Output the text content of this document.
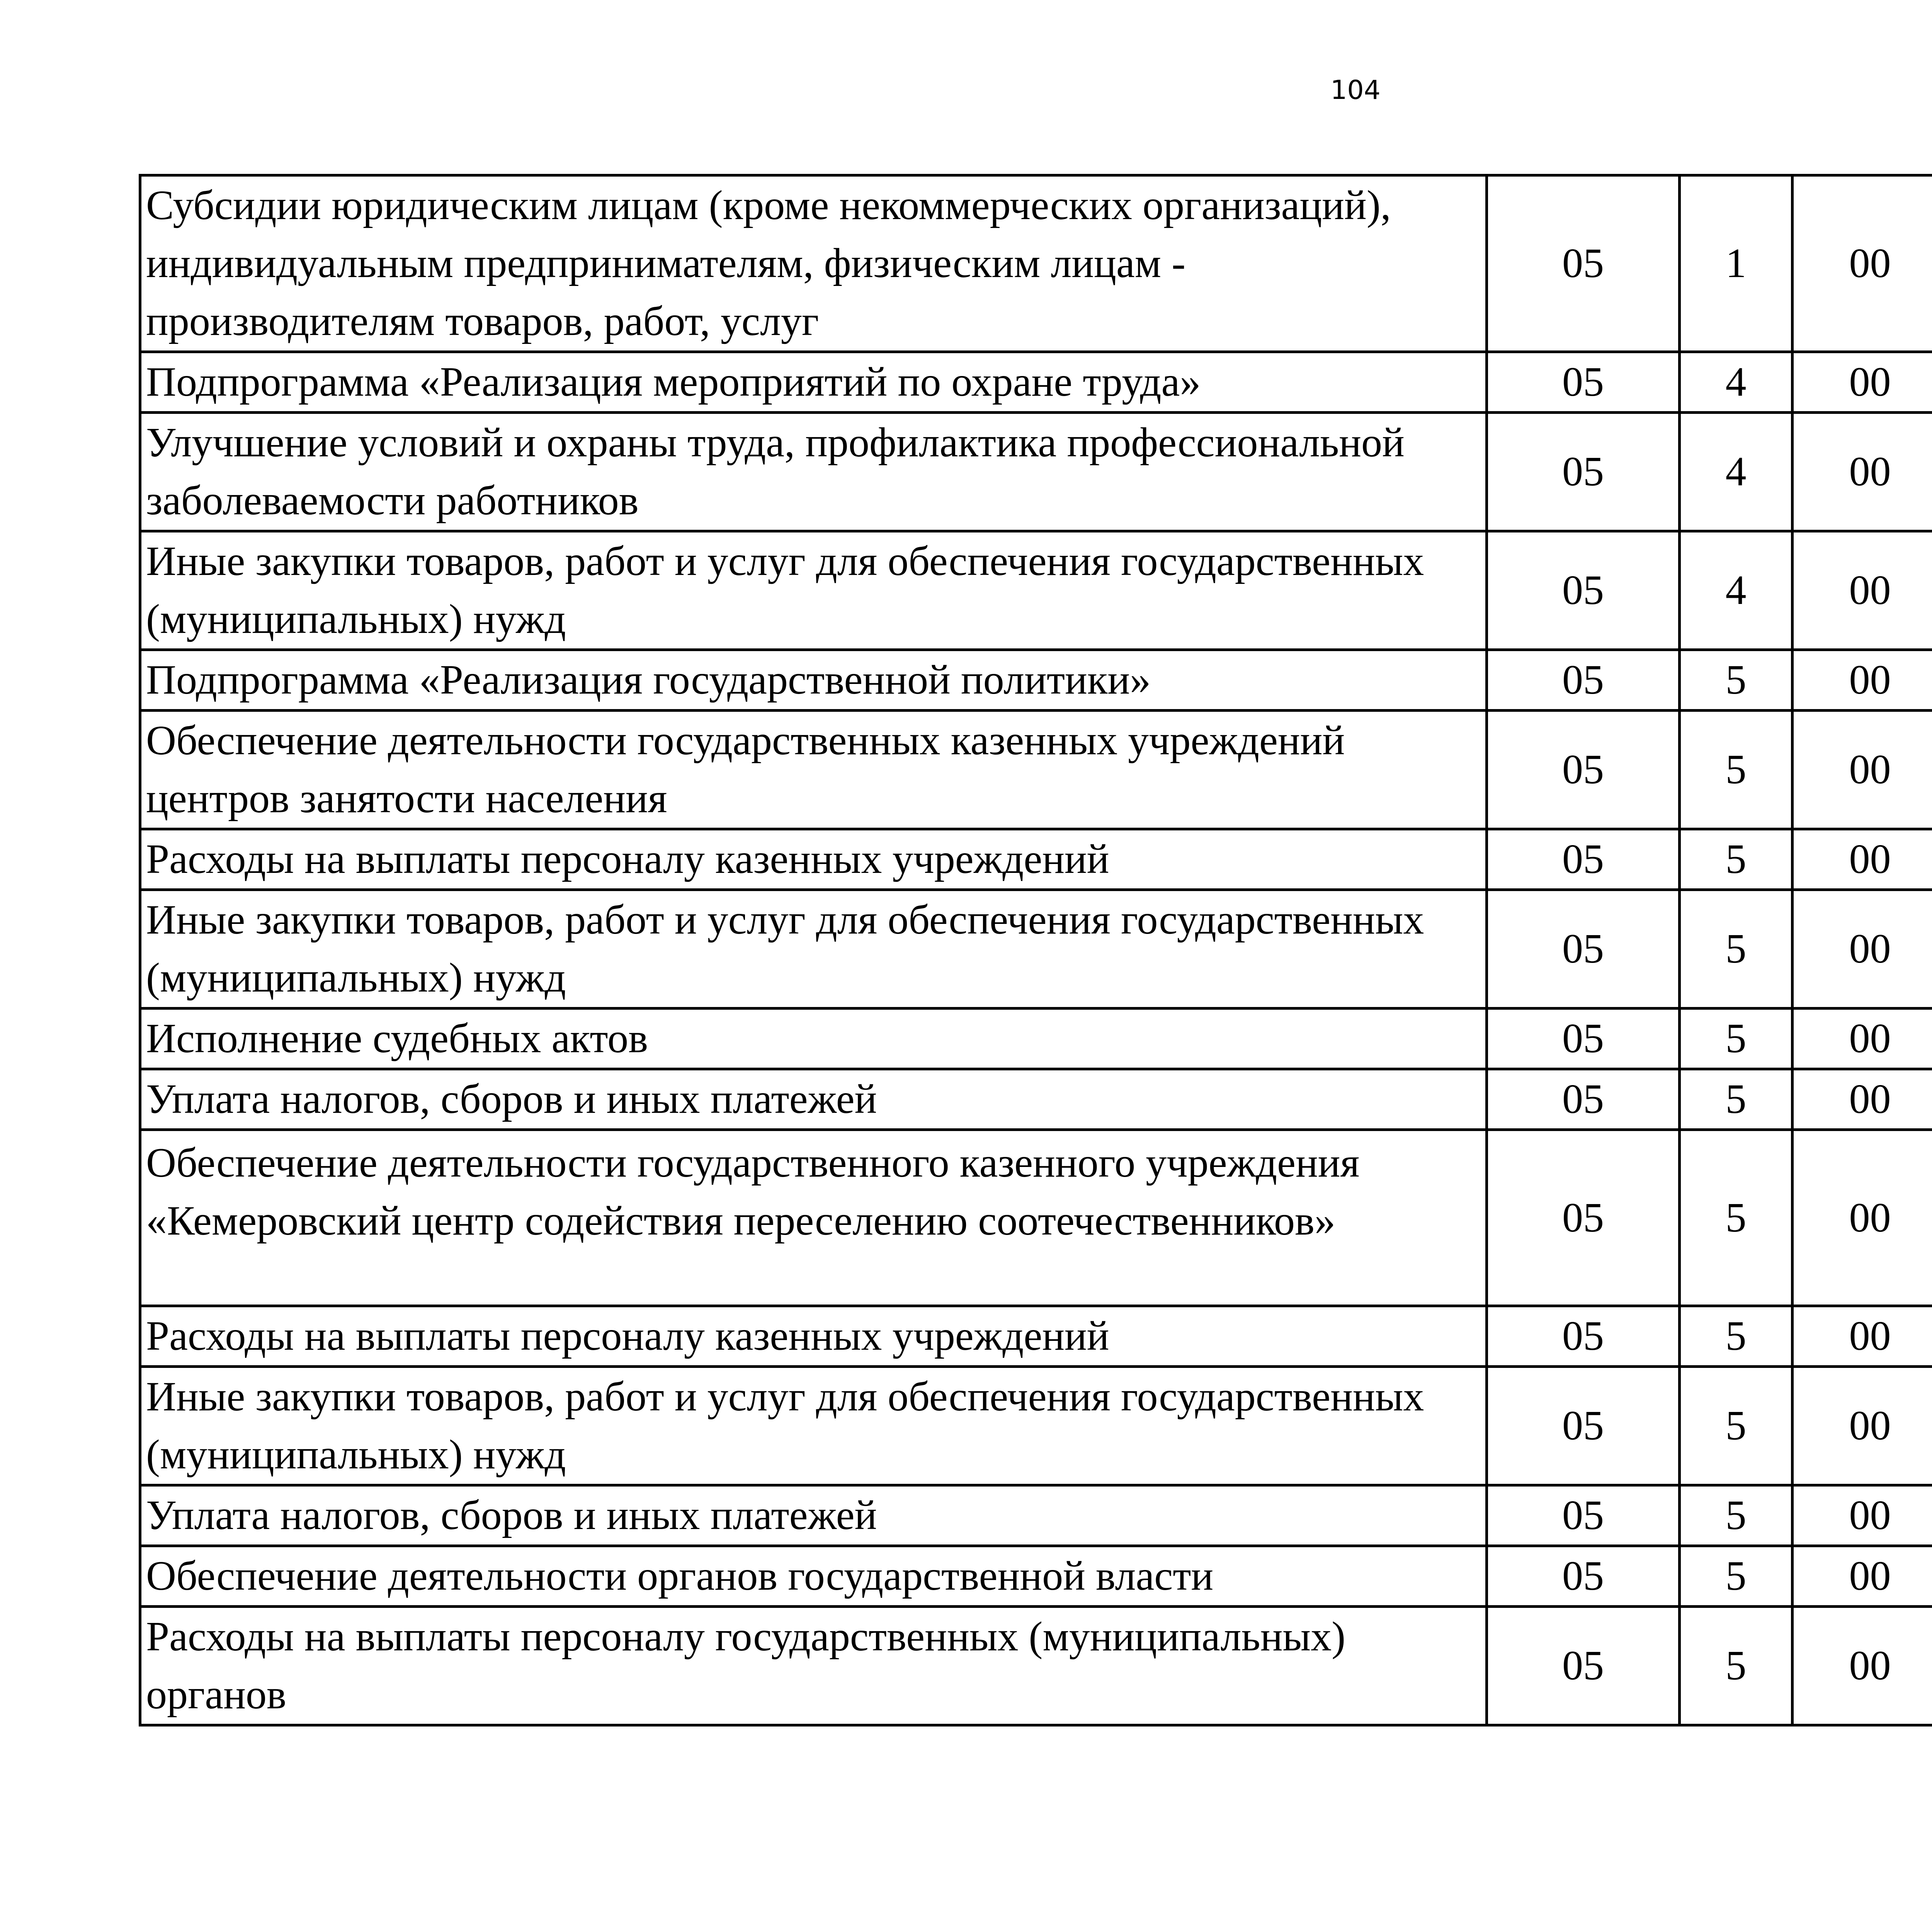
104
Субсидии юридическим лицам (кроме некоммерческих организаций), индивидуальным предпринимателям, физическим лицам - производителям товаров, работ, услуг	05	1	00			
Подпрограмма «Реализация мероприятий по охране труда»	05	4	00			
Улучшение условий и охраны труда, профилактика профессиональной заболеваемости работников	05	4	00			
Иные закупки товаров, работ и услуг для обеспечения государственных (муниципальных) нужд	05	4	00			
Подпрограмма «Реализация государственной политики»	05	5	00			
Обеспечение деятельности государственных казенных учреждений центров занятости населения	05	5	00			
Расходы на выплаты персоналу казенных учреждений	05	5	00			
Иные закупки товаров, работ и услуг для обеспечения государственных (муниципальных) нужд	05	5	00			
Исполнение судебных актов	05	5	00			
Уплата налогов, сборов и иных платежей	05	5	00			
Обеспечение деятельности государственного казенного учреждения «Кемеровский центр содействия переселению соотечественников»	05	5	00			
Расходы на выплаты персоналу казенных учреждений	05	5	00			
Иные закупки товаров, работ и услуг для обеспечения государственных (муниципальных) нужд	05	5	00			
Уплата налогов, сборов и иных платежей	05	5	00			
Обеспечение деятельности органов государственной власти	05	5	00			
Расходы на выплаты персоналу государственных (муниципальных) органов	05	5	00			
